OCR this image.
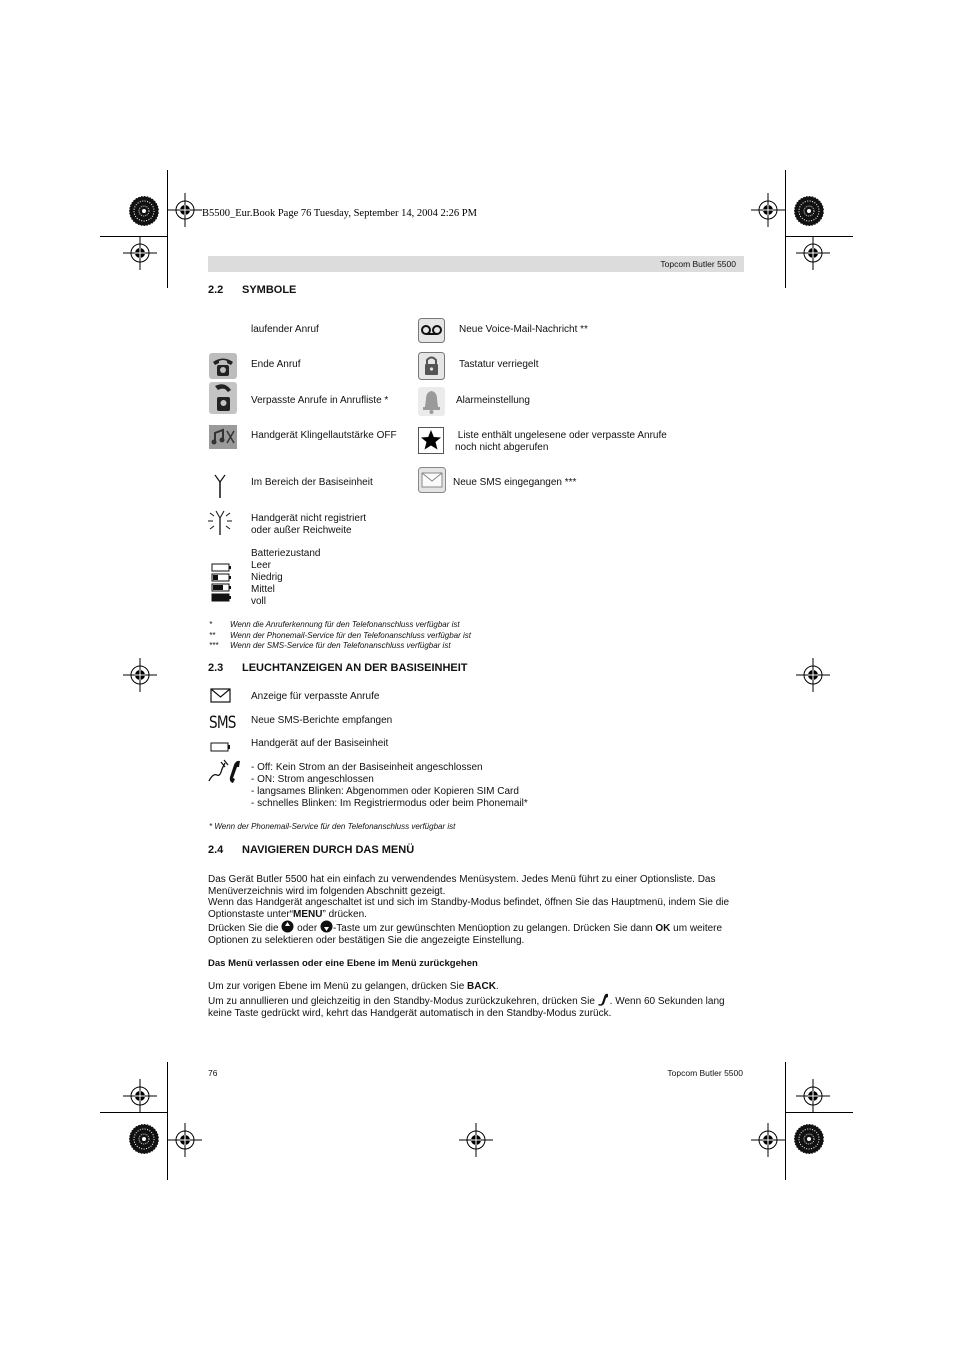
B5500_Eur.Book Page 76 Tuesday, September 14, 2004 2:26 PM
Topcom Butler 5500
2.2 SYMBOLE
laufender Anruf
Ende Anruf
Verpasste Anrufe in Anrufliste *
Handgerät Klingellautstärke OFF
Im Bereich der Basiseinheit
Handgerät nicht registriert
oder außer Reichweite
Batteriezustand
Leer
Niedrig
Mittel
voll
Neue Voice-Mail-Nachricht **
Tastatur verriegelt
Alarmeinstellung
Liste enthält ungelesene oder verpasste Anrufe
noch nicht abgerufen
Neue SMS eingegangen ***
* Wenn die Anruferkennung für den Telefonanschluss verfügbar ist
** Wenn der Phonemail-Service für den Telefonanschluss verfügbar ist
*** Wenn der SMS-Service für den Telefonanschluss verfügbar ist
2.3 LEUCHTANZEIGEN AN DER BASISEINHEIT
SMS
Anzeige für verpasste Anrufe
Neue SMS-Berichte empfangen
Handgerät auf der Basiseinheit
- Off: Kein Strom an der Basiseinheit angeschlossen
- ON: Strom angeschlossen
- langsames Blinken: Abgenommen oder Kopieren SIM Card
- schnelles Blinken: Im Registriermodus oder beim Phonemail*
* Wenn der Phonemail-Service für den Telefonanschluss verfügbar ist
2.4 NAVIGIEREN DURCH DAS MENÜ
Das Gerät Butler 5500 hat ein einfach zu verwendendes Menüsystem. Jedes Menü führt zu einer Optionsliste. Das Menüverzeichnis wird im folgenden Abschnitt gezeigt.
Wenn das Handgerät angeschaltet ist und sich im Standby-Modus befindet, öffnen Sie das Hauptmenü, indem Sie die Optionstaste unter“MENU” drücken.
Drücken Sie die  oder -Taste um zur gewünschten Menüoption zu gelangen. Drücken Sie dann OK um weitere Optionen zu selektieren oder bestätigen Sie die angezeigte Einstellung.
Das Menü verlassen oder eine Ebene im Menü zurückgehen
Um zur vorigen Ebene im Menü zu gelangen, drücken Sie BACK.
Um zu annullieren und gleichzeitig in den Standby-Modus zurückzukehren, drücken Sie . Wenn 60 Sekunden lang keine Taste gedrückt wird, kehrt das Handgerät automatisch in den Standby-Modus zurück.
76	Topcom Butler 5500
